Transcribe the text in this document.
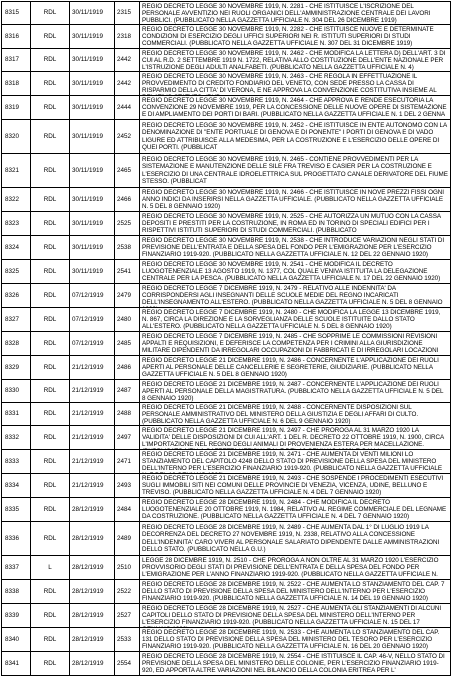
8315	RDL	30/11/1919	2315	REGIO DECRETO LEGGE 30 NOVEMBRE 1919, N. 2281 - CHE ISTITUISCE L'ISCRIZIONE DEL PERSONALE AVVENTIZIO NEI RUOLI ORGANICI DELL'AMMINISTRAZIONE CENTRALE DEI LAVORI PUBBLICI. (PUBBLICATO NELLA GAZZETTA UFFICIALE N. 304 DEL 26 DICEMBRE 1919)

8316	RDL	30/11/1919	2318	REGIO DECRETO LEGGE 30 NOVEMBRE 1919, N. 2282 - CHE ISTITUISCE NUOVE E DETERMINATE CONDIZIONI DI ESERCIZIO DEGLI UFFICI SUPERIORI NEI R. ISTITUTI SUPERIORI DI STUDI COMMERCIALI. (PUBBLICATO NELLA GAZZETTA UFFICIALE N. 307 DEL 31 DICEMBRE 1919)

8317	RDL	30/11/1919	2442	REGIO DECRETO LEGGE 30 NOVEMBRE 1919, N. 2462 - CHE MODIFICA LA LETTERA D) DELL'ART. 3 DI CUI AL R.D. 2 SETTEMBRE 1919 N. 1722, RELATIVA ALLO COSTITUZIONE DELL'ENTE NAZIONALE PER L'ISTRUZIONE DEGLI ADULTI ANALFABETI. (PUBBLICATO NELLA GAZZETTA UFFICIALE N. 4)

8318	RDL	30/11/1919	2442	REGIO DECRETO LEGGE 30 NOVEMBRE 1919, N. 2463 - CHE REGOLA IN EFFETTUAZIONE IL PROVVEDIMENTO DI CREDITO FONDIARIO DEL VENETO, CON SEDE PRESSO LA CASSA DI RISPARMIO DELLA CITTA' DI VERONA, E NE APPROVA LA CONVENZIONE COSTITUTIVA INSIEME AL

8319	RDL	30/11/1919	2444	REGIO DECRETO LEGGE 30 NOVEMBRE 1919, N. 2464 - CHE APPROVA E RENDE ESECUTORIA LA CONVENZIONE 29 NOVEMBRE 1919, PER LA CONCESSIONE DELLE NUOVE OPERE DI SISTEMAZIONE E DI AMPLIAMENTO DEI PORTI DI BARI. (PUBBLICATO NELLA GAZZETTA UFFICIALE N. 1 DEL 2 GENNA

8320	RDL	30/11/1919	2452	REGIO DECRETO LEGGE 30 NOVEMBRE 1919, N. 2452 - CHE ISTITUISCE IN ENTE AUTONOMO CON LA DENOMINAZIONE DI "ENTE PORTUALE DI GENOVA E DI PONENTE" I PORTI DI GENOVA E DI VADO LIGURE ED ATTRIBUISCE ALLA MEDESIMA, PER LA COSTRUZIONE E L'ESERCIZIO DELLE OPERE DI QUEI PORTI. (PUBBLICAT

8321	RDL	30/11/1919	2465	REGIO DECRETO LEGGE 30 NOVEMBRE 1919, N. 2465 - CONTIENE PROVVEDIMENTI PER LA SISTEMAZIONE E MANUTENZIONE DELLE SILE FRA TREVISO E CASIER PER LA COSTRUZIONE E L'ESERCIZIO DI UNA CENTRALE IDROELETTRICA SUL PROGETTATO CANALE DERIVATORE DEL FIUME STESSO. (PUBBLICAT

8322	RDL	30/11/1919	2466	REGIO DECRETO LEGGE 30 NOVEMBRE 1919, N. 2466 - CHE ISTITUISCE IN NOVE PREZZI FISSI OGNI ANNO INDICI DA INSERIRSI NELLA GAZZETTA UFFICIALE. (PUBBLICATO NELLA GAZZETTA UFFICIALE N. 5 DEL 8 GENNAIO 1920)

8323	RDL	30/11/1919	2525	REGIO DECRETO LEGGE 30 NOVEMBRE 1919, N. 2525 - CHE AUTORIZZA UN MUTUO CON LA CASSA DEPOSITI E PRESTITI PER LA COSTRUZIONE, IN ROMA ED IN TORINO DI SPECIALI EDIFICI PER I RISPETTIVI ISTITUTI SUPERIORI DI STUDI COMMERCIALI. (PUBBLICATO

8324	RDL	30/11/1919	2538	REGIO DECRETO LEGGE 30 NOVEMBRE 1919, N. 2538 - CHE INTRODUCE VARIAZIONI NEGLI STATI DI PREVISIONE DELL'ENTRATA E DELLA SPESA DEL FONDO PER L'EMIGRAZIONE PER L'ESERCIZIO FINANZIARIO 1919-920. (PUBBLICATO NELLA GAZZETTA UFFICIALE N. 12 DEL 22 GENNAIO 1920)

8325	RDL	30/11/1919	2541	REGIO DECRETO LEGGE 30 NOVEMBRE 1919, N. 2541 - CHE MODIFICA IL DECRETO LUOGOTENENZIALE 13 AGOSTO 1919, N. 1377, COL QUALE VENIVA ISTITUITA LA DELEGAZIONE CENTRALE PER LA PESCA. (PUBBLICATO NELLA GAZZETTA UFFICIALE N. 17 DEL 22 GENNAIO 1920)

8326	RDL	07/12/1919	2479	REGIO DECRETO LEGGE 7 DICEMBRE 1919, N. 2479 - RELATIVO ALLE INDENNITA' DA CORRISPONDERSI AGLI INSEGNANTI DELLE SCUOLE MEDIE DEL REGNO INCARICATI DELL'INSEGNAMENTO ALL'ESTERO. (PUBBLICATO NELLA GAZZETTA UFFICIALE N. 5 DEL 8 GENNAIO

8327	RDL	07/12/1919	2480	REGIO DECRETO LEGGE 7 DICEMBRE 1919, N. 2480 - CHE MODIFICA LA LEGGE 13 DICEMBRE 1919, N. 867, CIRCA LA DIREZIONE E LA SORVEGLIANZA DELLE SCUOLE ISTITUITE DALLO STATO ALL'ESTERO. (PUBBLICATO NELLA GAZZETTA UFFICIALE N. 5 DEL 8 GENNAIO 1920)

8328	RDL	07/12/1919	2485	REGIO DECRETO LEGGE 7 DICEMBRE 1919, N. 2485 - CHE SOPPRIME LE COMMISSIONI REVISIONI APPALTI E REQUISIZIONI, E DEFERISCE LA COMPETENZA PER I CRIMINI ALLA GIURISDIZIONE MILITARE DIPENDENTI DA IRREGOLARI OCCUPAZIONI DI FABBRICATI E DI IRREGOLARI LOCAZIONI

8329	RDL	21/12/1919	2486	REGIO DECRETO LEGGE 21 DICEMBRE 1919, N. 2486 - CONCERNENTE L'APPLICAZIONE DEI RUOLI APERTI AL PERSONALE DELLE CANCELLERIE E SEGRETERIE, GIUDIZIARIE. (PUBBLICATO NELLA GAZZETTA UFFICIALE N. 5 DEL 8 GENNAIO 1920)

8330	RDL	21/12/1919	2487	REGIO DECRETO LEGGE 21 DICEMBRE 1919, N. 2487 - CONCERNENTE L'APPLICAZIONE DEI RUOLI APERTI AL PERSONALE DELLA MAGISTRATURA. (PUBBLICATO NELLA GAZZETTA UFFICIALE N. 5 DEL 8 GENNAIO 1920)

8331	RDL	21/12/1919	2488	REGIO DECRETO LEGGE 21 DICEMBRE 1919, N. 2488 - CONCERNENTE DISPOSIZIONI SUL PERSONALE AMMINISTRATIVO DEL MINISTERO DELLA GIUSTIZIA E DEGLI AFFARI DI CULTO. (PUBBLICATO NELLA GAZZETTA UFFICIALE N. 6 DEL 9 GENNAIO 1920)

8332	RDL	21/12/1919	2497	REGIO DECRETO LEGGE 21 DICEMBRE 1919, N. 2497 - CHE PROROGA AL 31 MARZO 1920 LA VALIDITA' DELLE DISPOSIZIONI DI CUI ALL'ART. 1 DEL R. DECRETO 22 OTTOBRE 1919, N. 1900, CIRCA L'IMPORTAZIONE NEL REGNO DEGLI ANIMALI DI PROVENIENZA ESTERA PER MACELLAZIONE.

8333	RDL	21/12/1919	2471	REGIO DECRETO LEGGE 21 DICEMBRE 1919, N. 2471 - CHE AUMENTA DI VENTI MILIONI LO STANZIAMENTO DEL CAPITOLO 4248 DELLO STATO DI PREVISIONE DELLA SPESA DEL MINISTERO DELL'INTERNO PER L'ESERCIZIO FINANZIARIO 1919-920. (PUBBLICATO NELLA GAZZETTA UFFICIALE

8334	RDL	21/12/1919	2493	REGIO DECRETO LEGGE 21 DICEMBRE 1919, N. 2493 - CHE SOSPENDE I PROCEDIMENTI ESECUTIVI SUGLI IMMOBILI SITI NEI COMUNI DELLE PROVINCIE DI VENEZIA, VICENZA, UDINE, BELLUNO E TREVISO. (PUBBLICATO NELLA GAZZETTA UFFICIALE N. 4 DEL 7 GENNAIO 1920)

8335	RDL	28/12/1919	2484	REGIO DECRETO LEGGE 28 DICEMBRE 1919, N. 2484 - CHE MODIFICA IL DECRETO LUOGOTENENZIALE 20 OTTOBRE 1919, N. 1984, RELATIVO AL REGIME COMMERCIALE DEL LEGNAME DA COSTRUZIONE. (PUBBLICATO NELLA GAZZETTA UFFICIALE N. 4 DEL 7 GENNAIO 1920)

8336	RDL	28/12/1919	2489	REGIO DECRETO LEGGE 28 DICEMBRE 1919, N. 2489 - CHE AUMENTA DAL 1° DI LUGLIO 1919 LA DECORRENZA DEL DECRETO 27 NOVEMBRE 1919, N. 2338, RELATIVO ALLA CONCESSIONE DELL'INDENNITA' CARO VIVERI AL PERSONALE SALARIATO DIPENDENTE DALLE AMMINISTRAZIONI DELLO STATO. (PUBBLICATO NELLA G.U.)

8337	L	28/12/1919	2510	LEGGE 28 DICEMBRE 1919, N. 2510 - CHE PROROGA A NON OLTRE AL 31 MARZO 1920 L'ESERCIZIO PROVVISORIO DEGLI STATI DI PREVISIONE DELL'ENTRATA E DELLA SPESA DEL FONDO PER L'EMIGRAZIONE PER L'ANNO FINANZIARIO 1919-920. (PUBBLICATO NELLA GAZZETTA UFFICIALE N.

8338	RDL	28/12/1919	2522	REGIO DECRETO LEGGE 28 DICEMBRE 1919, N. 2522 - CHE AUMENTA LO STANZIAMENTO DEL CAP. 7 DELLO STATO DI PREVISIONE DELLA SPESA DEL MINISTERO DELL'INTERNO PER L'ESERCIZIO FINANZIARIO 1919-920. (PUBBLICATO NELLA GAZZETTA UFFICIALE N. 14 DEL 19 GENNAIO 1920)

8339	RDL	28/12/1919	2527	REGIO DECRETO LEGGE 28 DICEMBRE 1919, N. 2527 - CHE AUMENTA GLI STANZIAMENTI DI ALCUNI CAPITOLI DELLO STATO DI PREVISIONE DELLA SPESA DEL MINISTERO DELL'INTERNO PER L'ESERCIZIO FINANZIARIO 1919-920. (PUBBLICATO NELLA GAZZETTA UFFICIALE N. 15 DEL 17

8340	RDL	28/12/1919	2533	REGIO DECRETO LEGGE 28 DICEMBRE 1919, N. 2533 - CHE AUMENTA LO STANZIAMENTO DEL CAP. 131 DELLO STATO DI PREVISIONE DELLA SPESA DEL MINISTERO DEL TESORO PER L'ESERCIZIO FINANZIARIO 1919-920. (PUBBLICATO NELLA GAZZETTA UFFICIALE N. 16 DEL 20 GENNAIO 1920)

8341	RDL	28/12/1919	2554	REGIO DECRETO LEGGE 28 DICEMBRE 1919, N. 2554 - CHE ISTITUISCE IL CAP. 46-V, NELLO STATO DI PREVISIONE DELLA SPESA DEL MINISTERO DELLE COLONIE, PER L'ESERCIZIO FINANZIARIO 1919-920, ED APPORTA ALTRE VARIAZIONI NEL BILANCIO DELLA COLONIA ERITREA PER L'
